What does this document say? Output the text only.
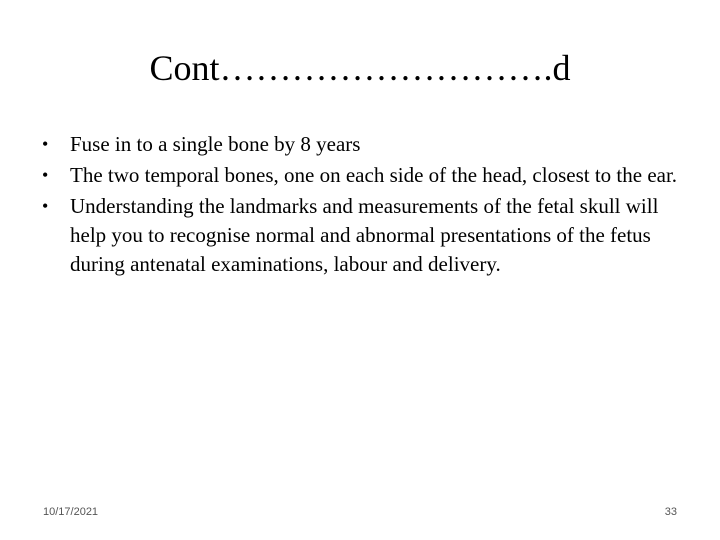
Cont……………………….d
• Fuse in to a single bone by 8 years
• The two temporal bones, one on each side of the head, closest to the ear.
• Understanding the landmarks and measurements of the fetal skull will help you to recognise normal and abnormal presentations of the fetus during antenatal examinations, labour and delivery.
10/17/2021	33
